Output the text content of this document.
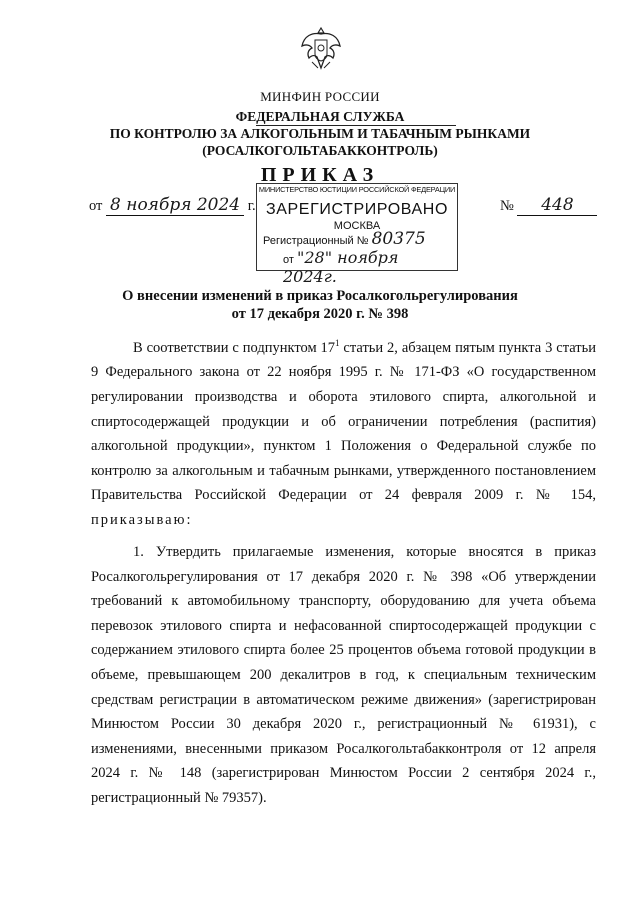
МИНФИН РОССИИ
ФЕДЕРАЛЬНАЯ СЛУЖБА
ПО КОНТРОЛЮ ЗА АЛКОГОЛЬНЫМ И ТАБАЧНЫМ РЫНКАМИ
(РОСАЛКОГОЛЬТАБАККОНТРОЛЬ)
ПРИКАЗ
МИНИСТЕРСТВО ЮСТИЦИИ РОССИЙСКОЙ ФЕДЕРАЦИИ
ЗАРЕГИСТРИРОВАНО
МОСКВА
Регистрационный № 80375
от "28" ноября 2024г.
от 8 ноября 2024 г.	№ 448
О внесении изменений в приказ Росалкогольрегулирования
от 17 декабря 2020 г. № 398

В соответствии с подпунктом $17^1$ статьи 2, абзацем пятым пункта 3 статьи 9 Федерального закона от 22 ноября 1995 г. № 171-ФЗ «О государственном регулировании производства и оборота этилового спирта, алкогольной и спиртосодержащей продукции и об ограничении потребления (распития) алкогольной продукции», пунктом 1 Положения о Федеральной службе по контролю за алкогольным и табачным рынками, утвержденного постановлением Правительства Российской Федерации от 24 февраля 2009 г. № 154, приказываю:

1. Утвердить прилагаемые изменения, которые вносятся в приказ Росалкогольрегулирования от 17 декабря 2020 г. № 398 «Об утверждении требований к автомобильному транспорту, оборудованию для учета объема перевозок этилового спирта и нефасованной спиртосодержащей продукции с содержанием этилового спирта более 25 процентов объема готовой продукции в объеме, превышающем 200 декалитров в год, к специальным техническим средствам регистрации в автоматическом режиме движения» (зарегистрирован Минюстом России 30 декабря 2020 г., регистрационный № 61931), с изменениями, внесенными приказом Росалкогольтабакконтроля от 12 апреля 2024 г. № 148 (зарегистрирован Минюстом России 2 сентября 2024 г., регистрационный № 79357).
